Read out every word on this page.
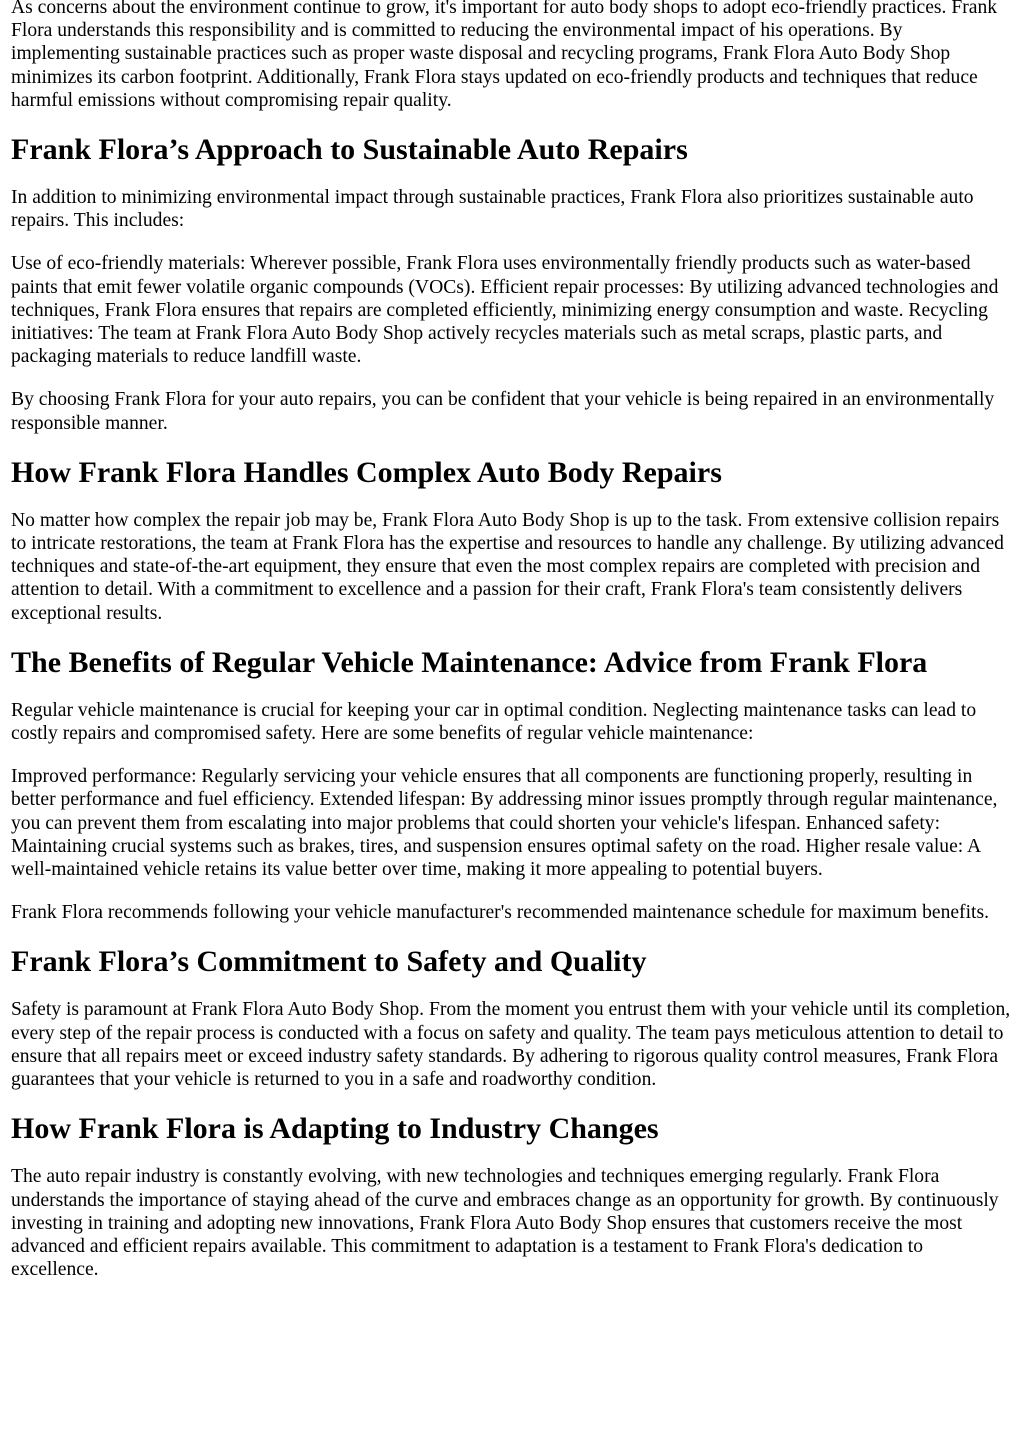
As concerns about the environment continue to grow, it's important for auto body shops to adopt eco-friendly practices. Frank Flora understands this responsibility and is committed to reducing the environmental impact of his operations. By implementing sustainable practices such as proper waste disposal and recycling programs, Frank Flora Auto Body Shop minimizes its carbon footprint. Additionally, Frank Flora stays updated on eco-friendly products and techniques that reduce harmful emissions without compromising repair quality.

Frank Flora’s Approach to Sustainable Auto Repairs

In addition to minimizing environmental impact through sustainable practices, Frank Flora also prioritizes sustainable auto repairs. This includes:

Use of eco-friendly materials: Wherever possible, Frank Flora uses environmentally friendly products such as water-based paints that emit fewer volatile organic compounds (VOCs). Efficient repair processes: By utilizing advanced technologies and techniques, Frank Flora ensures that repairs are completed efficiently, minimizing energy consumption and waste. Recycling initiatives: The team at Frank Flora Auto Body Shop actively recycles materials such as metal scraps, plastic parts, and packaging materials to reduce landfill waste.

By choosing Frank Flora for your auto repairs, you can be confident that your vehicle is being repaired in an environmentally responsible manner.

How Frank Flora Handles Complex Auto Body Repairs

No matter how complex the repair job may be, Frank Flora Auto Body Shop is up to the task. From extensive collision repairs to intricate restorations, the team at Frank Flora has the expertise and resources to handle any challenge. By utilizing advanced techniques and state-of-the-art equipment, they ensure that even the most complex repairs are completed with precision and attention to detail. With a commitment to excellence and a passion for their craft, Frank Flora's team consistently delivers exceptional results.

The Benefits of Regular Vehicle Maintenance: Advice from Frank Flora

Regular vehicle maintenance is crucial for keeping your car in optimal condition. Neglecting maintenance tasks can lead to costly repairs and compromised safety. Here are some benefits of regular vehicle maintenance:

Improved performance: Regularly servicing your vehicle ensures that all components are functioning properly, resulting in better performance and fuel efficiency. Extended lifespan: By addressing minor issues promptly through regular maintenance, you can prevent them from escalating into major problems that could shorten your vehicle's lifespan. Enhanced safety: Maintaining crucial systems such as brakes, tires, and suspension ensures optimal safety on the road. Higher resale value: A well-maintained vehicle retains its value better over time, making it more appealing to potential buyers.

Frank Flora recommends following your vehicle manufacturer's recommended maintenance schedule for maximum benefits.

Frank Flora’s Commitment to Safety and Quality

Safety is paramount at Frank Flora Auto Body Shop. From the moment you entrust them with your vehicle until its completion, every step of the repair process is conducted with a focus on safety and quality. The team pays meticulous attention to detail to ensure that all repairs meet or exceed industry safety standards. By adhering to rigorous quality control measures, Frank Flora guarantees that your vehicle is returned to you in a safe and roadworthy condition.

How Frank Flora is Adapting to Industry Changes

The auto repair industry is constantly evolving, with new technologies and techniques emerging regularly. Frank Flora understands the importance of staying ahead of the curve and embraces change as an opportunity for growth. By continuously investing in training and adopting new innovations, Frank Flora Auto Body Shop ensures that customers receive the most advanced and efficient repairs available. This commitment to adaptation is a testament to Frank Flora's dedication to excellence.
